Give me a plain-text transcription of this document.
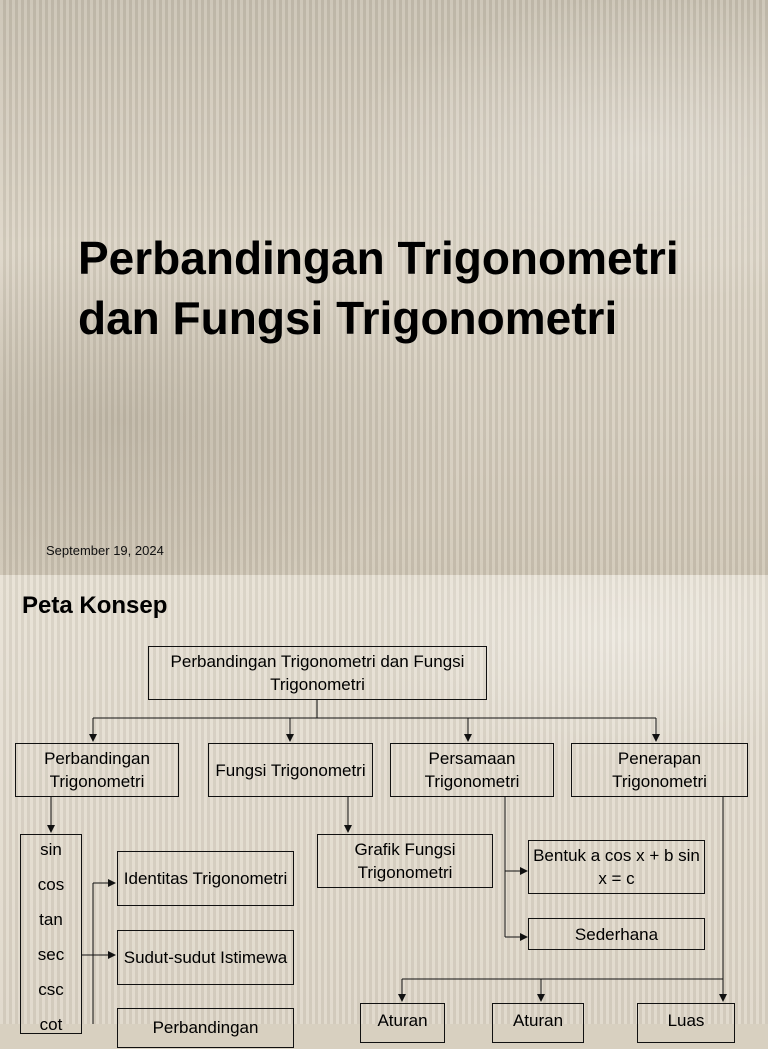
Perbandingan Trigonometri
dan Fungsi Trigonometri
September 19, 2024
Peta Konsep
Perbandingan Trigonometri dan Fungsi Trigonometri
Perbandingan Trigonometri
Fungsi Trigonometri
Persamaan Trigonometri
Penerapan Trigonometri
sin
cos
tan
sec
csc
cot
Identitas Trigonometri
Sudut-sudut Istimewa
Perbandingan
Grafik Fungsi Trigonometri
Bentuk a cos x + b sin x = c
Sederhana
Aturan	Aturan	Luas
